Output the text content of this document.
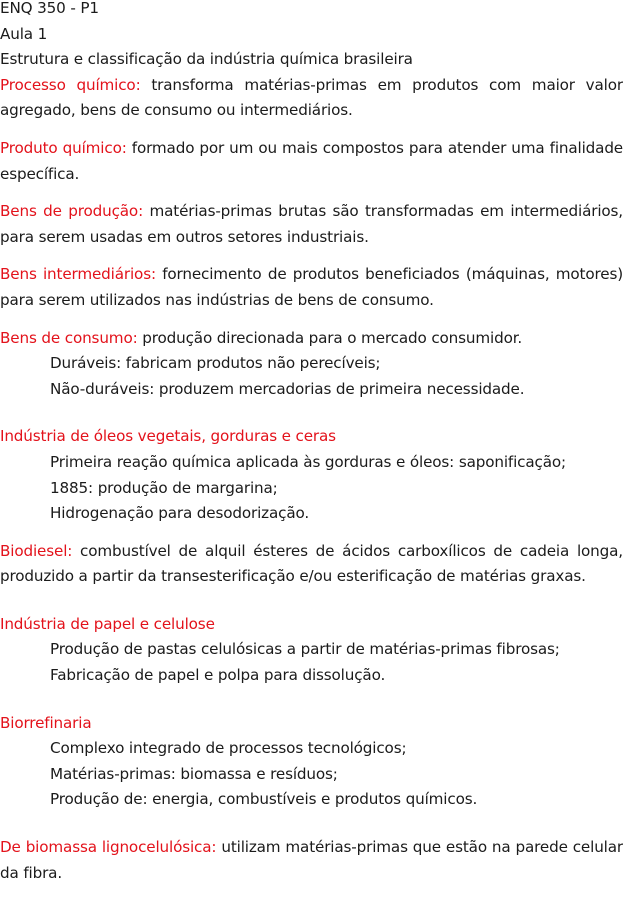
ENQ 350 - P1
Aula 1
Estrutura e classificação da indústria química brasileira
Processo químico: transforma matérias-primas em produtos com maior valor agregado, bens de consumo ou intermediários.
Produto químico: formado por um ou mais compostos para atender uma finalidade específica.
Bens de produção: matérias-primas brutas são transformadas em intermediários, para serem usadas em outros setores industriais.
Bens intermediários: fornecimento de produtos beneficiados (máquinas, motores) para serem utilizados nas indústrias de bens de consumo.
Bens de consumo: produção direcionada para o mercado consumidor.
Duráveis: fabricam produtos não perecíveis;
Não-duráveis: produzem mercadorias de primeira necessidade.
Indústria de óleos vegetais, gorduras e ceras
Primeira reação química aplicada às gorduras e óleos: saponificação;
1885: produção de margarina;
Hidrogenação para desodorização.
Biodiesel: combustível de alquil ésteres de ácidos carboxílicos de cadeia longa, produzido a partir da transesterificação e/ou esterificação de matérias graxas.
Indústria de papel e celulose
Produção de pastas celulósicas a partir de matérias-primas fibrosas;
Fabricação de papel e polpa para dissolução.
Biorrefinaria
Complexo integrado de processos tecnológicos;
Matérias-primas: biomassa e resíduos;
Produção de: energia, combustíveis e produtos químicos.
De biomassa lignocelulósica: utilizam matérias-primas que estão na parede celular da fibra.
